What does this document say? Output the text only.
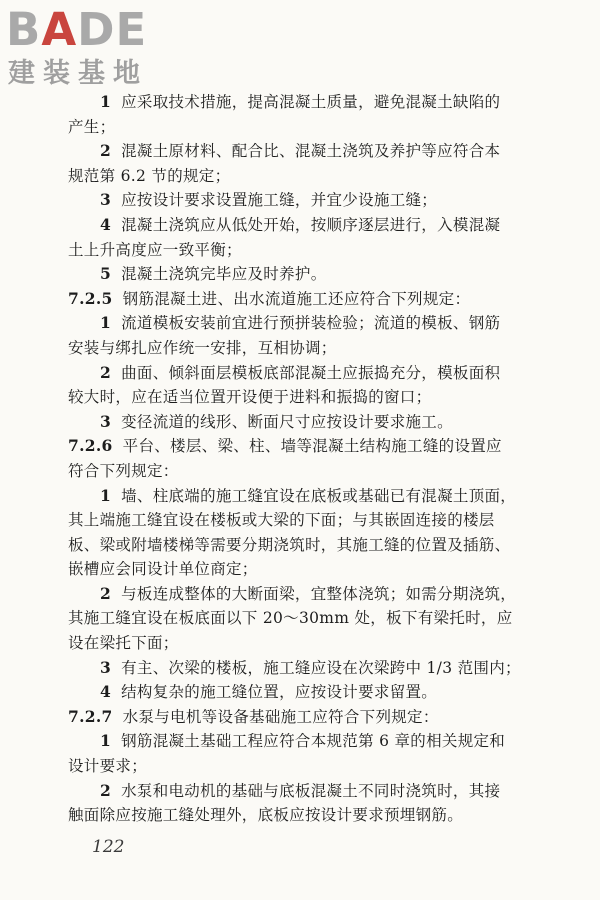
BADE
建装基地
1 应采取技术措施，提高混凝土质量，避免混凝土缺陷的
产生；
2 混凝土原材料、配合比、混凝土浇筑及养护等应符合本
规范第 6.2 节的规定；
3 应按设计要求设置施工缝，并宜少设施工缝；
4 混凝土浇筑应从低处开始，按顺序逐层进行，入模混凝
土上升高度应一致平衡；
5 混凝土浇筑完毕应及时养护。
7.2.5 钢筋混凝土进、出水流道施工还应符合下列规定：
1 流道模板安装前宜进行预拼装检验；流道的模板、钢筋
安装与绑扎应作统一安排，互相协调；
2 曲面、倾斜面层模板底部混凝土应振捣充分，模板面积
较大时，应在适当位置开设便于进料和振捣的窗口；
3 变径流道的线形、断面尺寸应按设计要求施工。
7.2.6 平台、楼层、梁、柱、墙等混凝土结构施工缝的设置应
符合下列规定：
1 墙、柱底端的施工缝宜设在底板或基础已有混凝土顶面，
其上端施工缝宜设在楼板或大梁的下面；与其嵌固连接的楼层
板、梁或附墙楼梯等需要分期浇筑时，其施工缝的位置及插筋、
嵌槽应会同设计单位商定；
2 与板连成整体的大断面梁，宜整体浇筑；如需分期浇筑，
其施工缝宜设在板底面以下 20～30mm 处，板下有梁托时，应
设在梁托下面；
3 有主、次梁的楼板，施工缝应设在次梁跨中 1/3 范围内；
4 结构复杂的施工缝位置，应按设计要求留置。
7.2.7 水泵与电机等设备基础施工应符合下列规定：
1 钢筋混凝土基础工程应符合本规范第 6 章的相关规定和
设计要求；
2 水泵和电动机的基础与底板混凝土不同时浇筑时，其接
触面除应按施工缝处理外，底板应按设计要求预埋钢筋。
122
